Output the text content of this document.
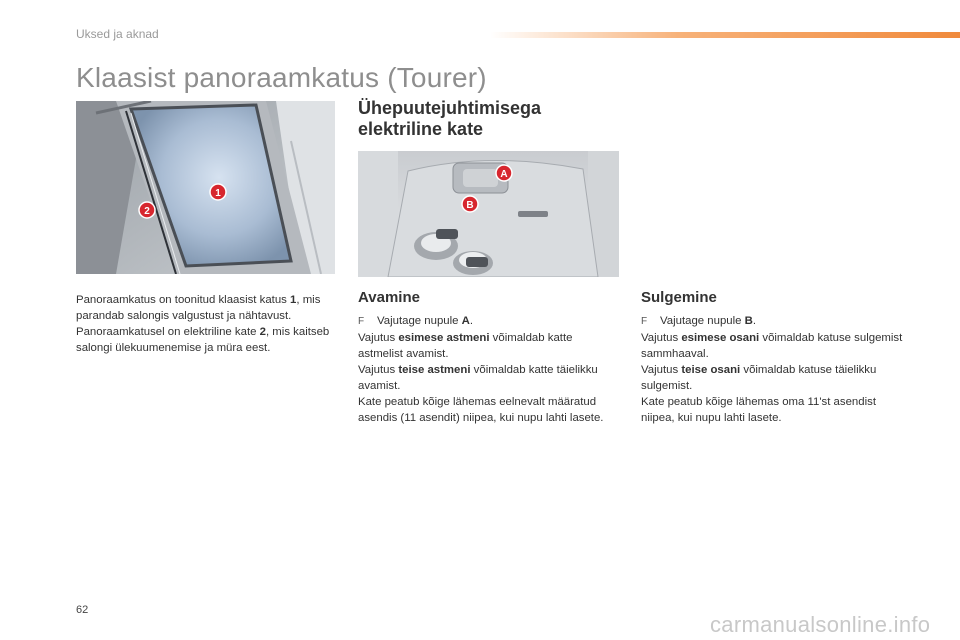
Uksed ja aknad
Klaasist panoraamkatus (Tourer)
1
2
Ühepuutejuhtimisega
elektriline kate
A
B

Panoraamkatus on toonitud klaasist katus 1, mis parandab salongis valgustust ja nähtavust. Panoraamkatusel on elektriline kate 2, mis kaitseb salongi ülekuumenemise ja müra eest.

Avamine

F Vajutage nupule A.

Vajutus esimese astmeni võimaldab katte astmelist avamist.

Vajutus teise astmeni võimaldab katte täielikku avamist.

Kate peatub kõige lähemas eelnevalt määratud asendis (11 asendit) niipea, kui nupu lahti lasete.

Sulgemine

F Vajutage nupule B.

Vajutus esimese osani võimaldab katuse sulgemist sammhaaval.

Vajutus teise osani võimaldab katuse täielikku sulgemist.

Kate peatub kõige lähemas oma 11'st asendist niipea, kui nupu lahti lasete.

62
carmanualsonline.info
